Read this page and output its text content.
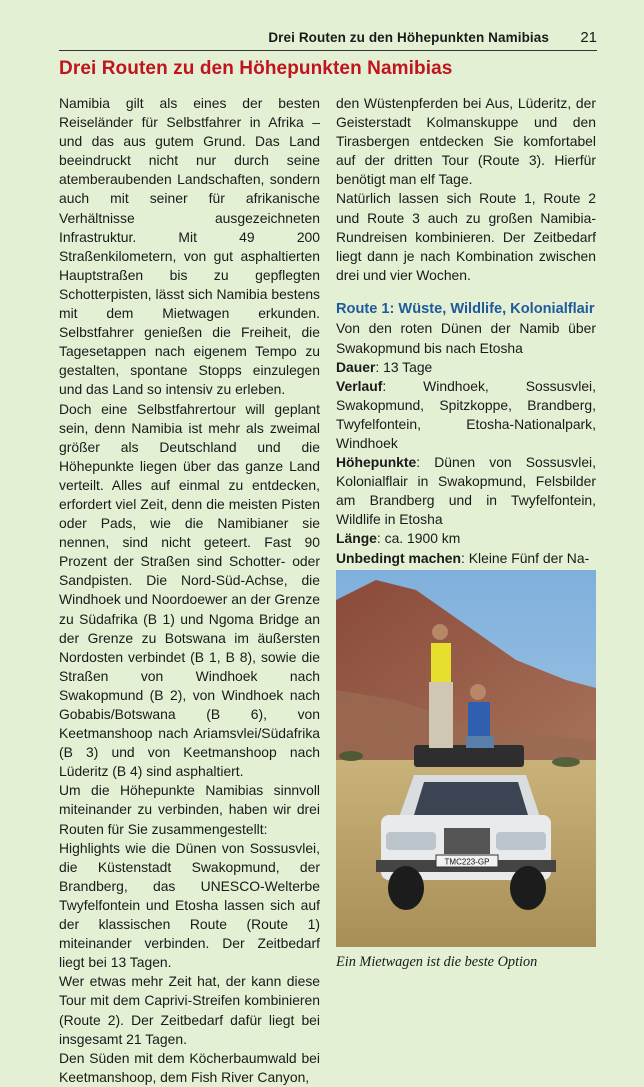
Drei Routen zu den Höhepunkten Namibias 21
Drei Routen zu den Höhepunkten Namibias

Namibia gilt als eines der besten Reiseländer für Selbstfahrer in Afrika – und das aus gutem Grund. Das Land beeindruckt nicht nur durch seine atemberaubenden Landschaften, sondern auch mit seiner für afrikanische Verhältnisse ausgezeichneten Infrastruktur. Mit 49 200 Straßenkilometern, von gut asphaltierten Hauptstraßen bis zu gepflegten Schotterpisten, lässt sich Namibia bestens mit dem Mietwagen erkunden. Selbstfahrer genießen die Freiheit, die Tagesetappen nach eigenem Tempo zu gestalten, spontane Stopps einzulegen und das Land so intensiv zu erleben.

Doch eine Selbstfahrertour will geplant sein, denn Namibia ist mehr als zweimal größer als Deutschland und die Höhepunkte liegen über das ganze Land verteilt. Alles auf einmal zu entdecken, erfordert viel Zeit, denn die meisten Pisten oder Pads, wie die Namibianer sie nennen, sind nicht geteert. Fast 90 Prozent der Straßen sind Schotter- oder Sandpisten. Die Nord-Süd-Achse, die Windhoek und Noordoewer an der Grenze zu Südafrika (B 1) und Ngoma Bridge an der Grenze zu Botswana im äußersten Nordosten verbindet (B 1, B 8), sowie die Straßen von Windhoek nach Swakopmund (B 2), von Windhoek nach Gobabis/Botswana (B 6), von Keetmanshoop nach Ariamsvlei/Südafrika (B 3) und von Keetmanshoop nach Lüderitz (B 4) sind asphaltiert.

Um die Höhepunkte Namibias sinnvoll miteinander zu verbinden, haben wir drei Routen für Sie zusammengestellt:

Highlights wie die Dünen von Sossusvlei, die Küstenstadt Swakopmund, der Brandberg, das UNESCO-Welterbe Twyfelfontein und Etosha lassen sich auf der klassischen Route (Route 1) miteinander verbinden. Der Zeitbedarf liegt bei 13 Tagen.

Wer etwas mehr Zeit hat, der kann diese Tour mit dem Caprivi-Streifen kombinieren (Route 2). Der Zeitbedarf dafür liegt bei insgesamt 21 Tagen.

Den Süden mit dem Köcherbaumwald bei Keetmanshoop, dem Fish River Canyon,

den Wüstenpferden bei Aus, Lüderitz, der Geisterstadt Kolmanskuppe und den Tirasbergen entdecken Sie komfortabel auf der dritten Tour (Route 3). Hierfür benötigt man elf Tage.

Natürlich lassen sich Route 1, Route 2 und Route 3 auch zu großen Namibia-Rundreisen kombinieren. Der Zeitbedarf liegt dann je nach Kombination zwischen drei und vier Wochen.

Route 1: Wüste, Wildlife, Kolonialflair

Von den roten Dünen der Namib über Swakopmund bis nach Etosha

Dauer: 13 Tage

Verlauf: Windhoek, Sossusvlei, Swakopmund, Spitzkoppe, Brandberg, Twyfelfontein, Etosha-Nationalpark, Windhoek

Höhepunkte: Dünen von Sossusvlei, Kolonialflair in Swakopmund, Felsbilder am Brandberg und in Twyfelfontein, Wildlife in Etosha

Länge: ca. 1900 km

Unbedingt machen: Kleine Fünf der Na-

TMC223-GP
Ein Mietwagen ist die beste Option
